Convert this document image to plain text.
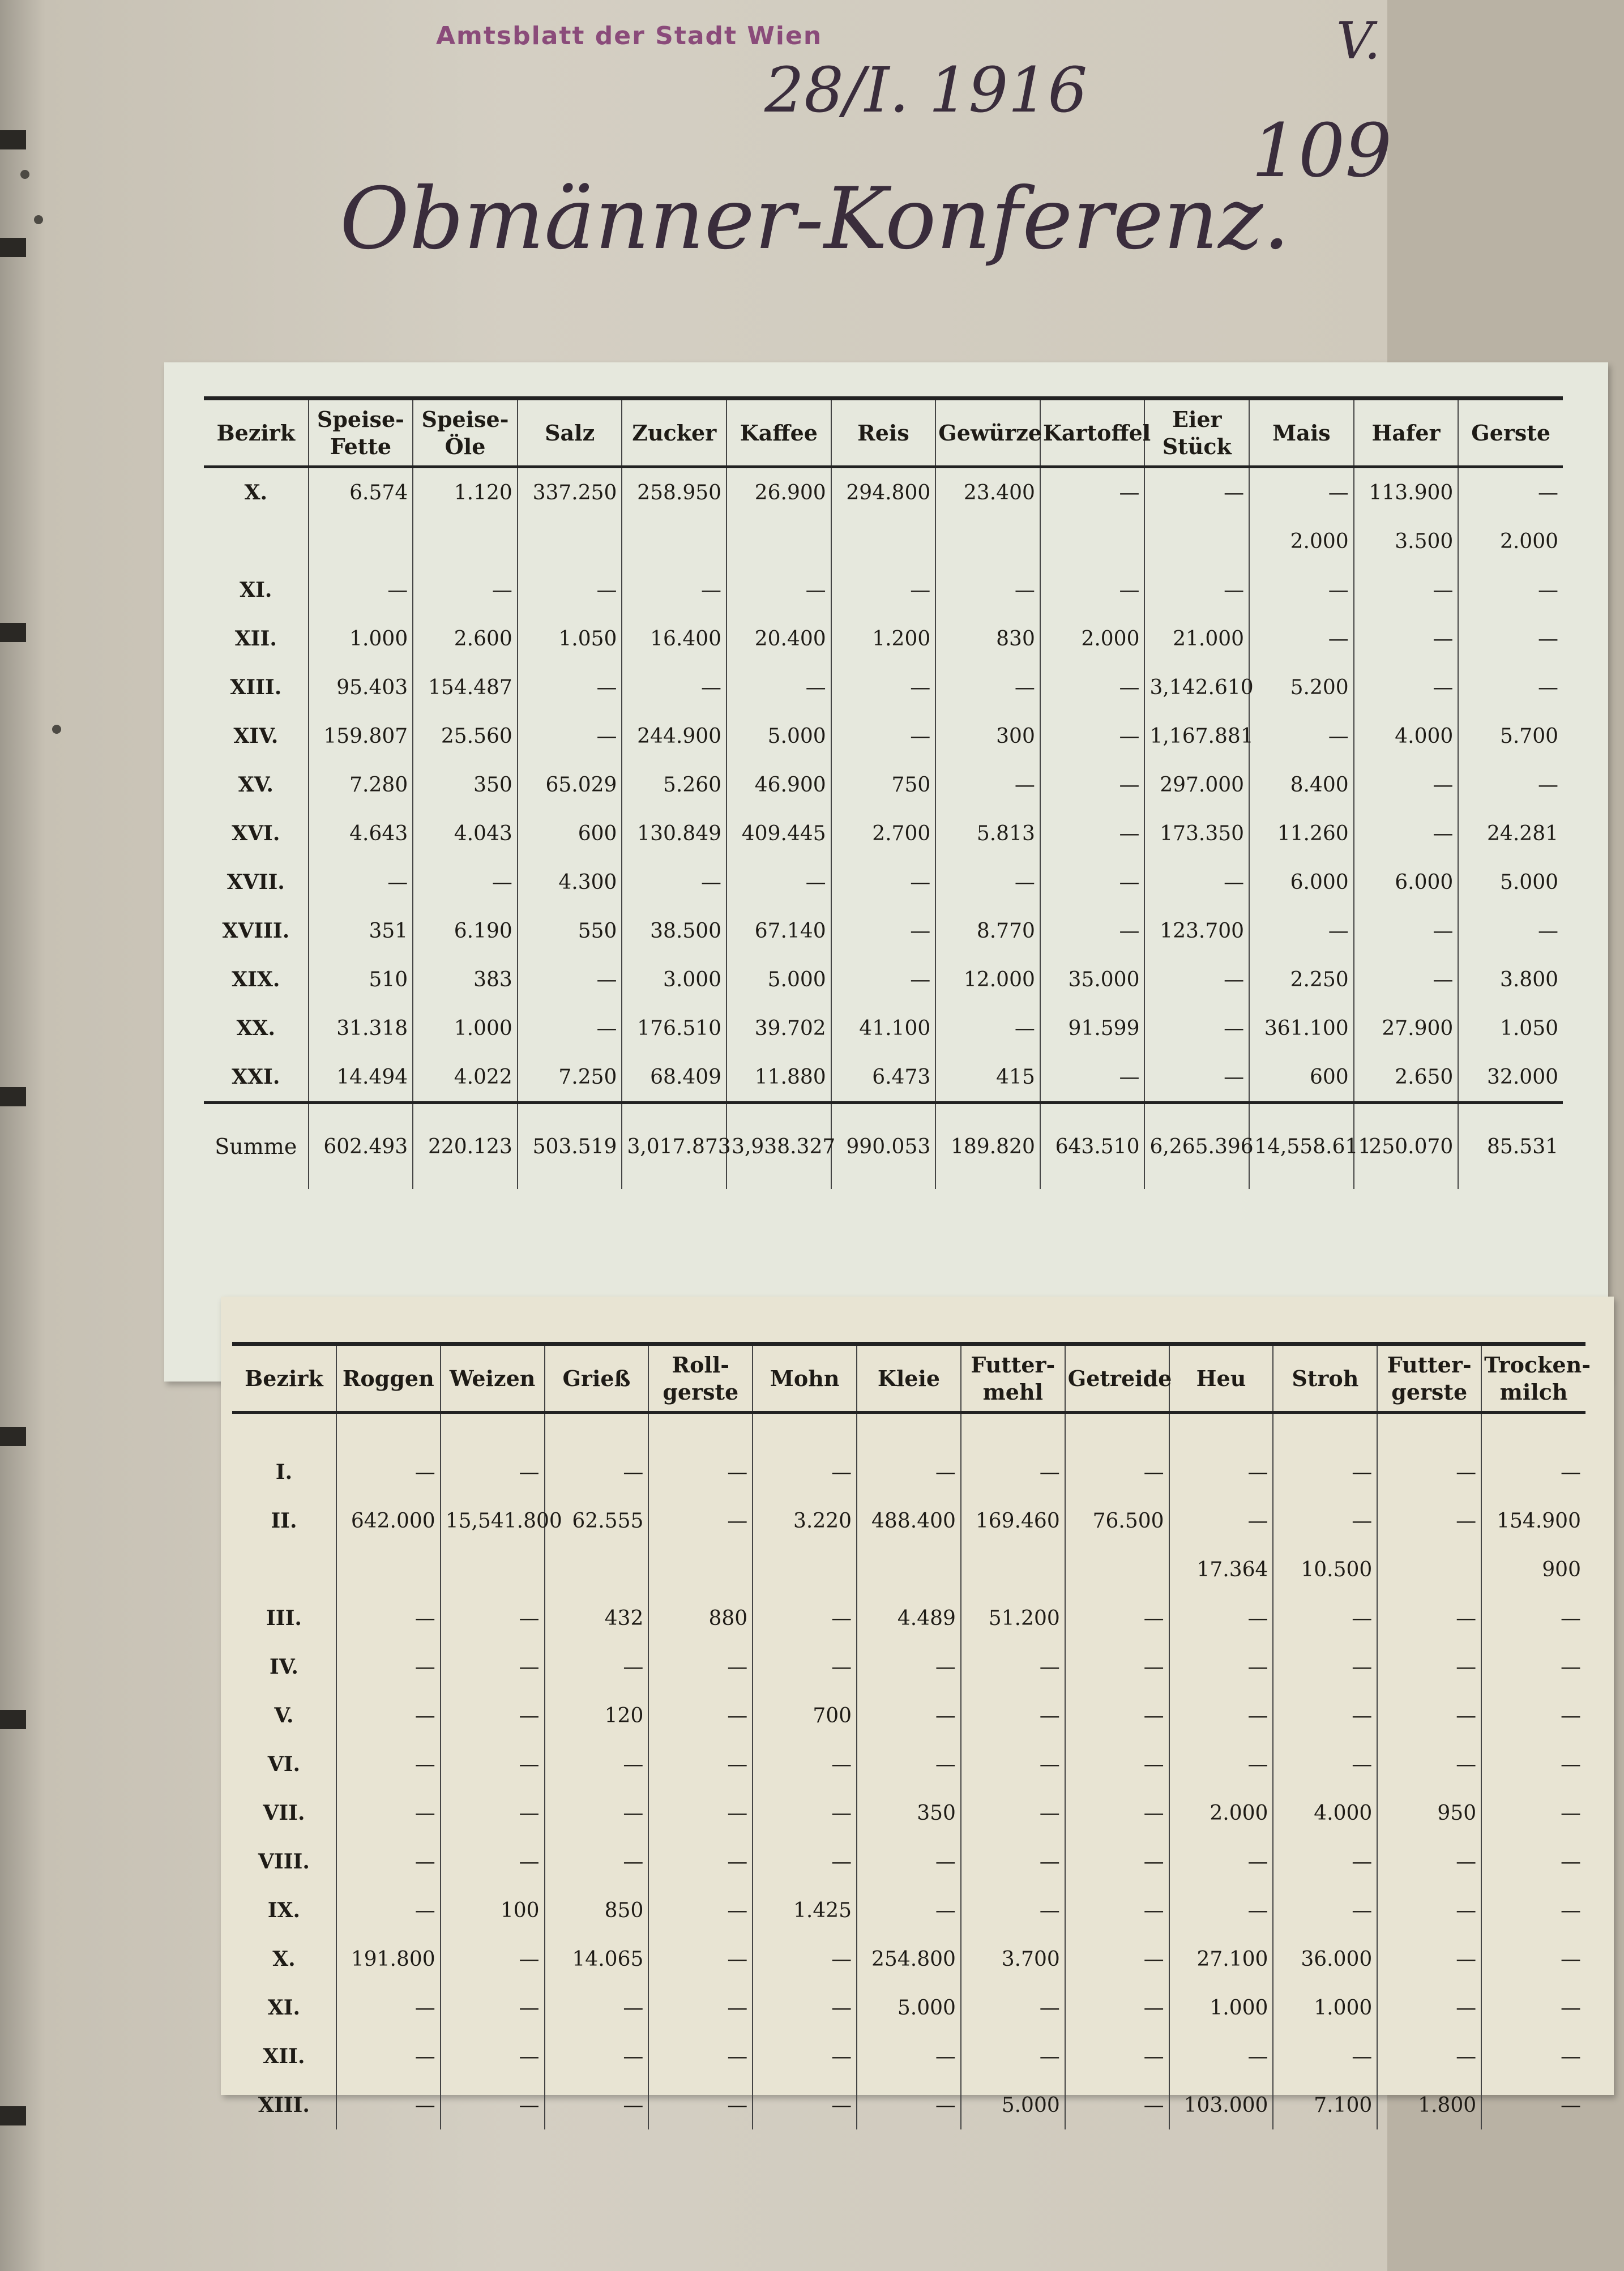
Amtsblatt der Stadt Wien
28/I. 1916
V.
109
Obmänner-Konferenz.
Bezirk	Speise-Fette	Speise-Öle	Salz	Zucker	Kaffee	Reis	Gewürze	Kartoffel	Eier Stück	Mais	Hafer	Gerste
X.	6.574	1.120	337.250	258.950	26.900	294.800	23.400	—	—	—	113.900	—
										2.000	3.500	2.000
XI.	—	—	—	—	—	—	—	—	—	—	—	—
XII.	1.000	2.600	1.050	16.400	20.400	1.200	830	2.000	21.000	—	—	—
XIII.	95.403	154.487	—	—	—	—	—	—	3,142.610	5.200	—	—
XIV.	159.807	25.560	—	244.900	5.000	—	300	—	1,167.881	—	4.000	5.700
XV.	7.280	350	65.029	5.260	46.900	750	—	—	297.000	8.400	—	—
XVI.	4.643	4.043	600	130.849	409.445	2.700	5.813	—	173.350	11.260	—	24.281
XVII.	—	—	4.300	—	—	—	—	—	—	6.000	6.000	5.000
XVIII.	351	6.190	550	38.500	67.140	—	8.770	—	123.700	—	—	—
XIX.	510	383	—	3.000	5.000	—	12.000	35.000	—	2.250	—	3.800
XX.	31.318	1.000	—	176.510	39.702	41.100	—	91.599	—	361.100	27.900	1.050
XXI.	14.494	4.022	7.250	68.409	11.880	6.473	415	—	—	600	2.650	32.000
Summe	602.493	220.123	503.519	3,017.873	3,938.327	990.053	189.820	643.510	6,265.396	14,558.611	250.070	85.531
Bezirk	Roggen	Weizen	Grieß	Roll-gerste	Mohn	Kleie	Futter-mehl	Getreide	Heu	Stroh	Futter-gerste	Trocken-milch
I.	—	—	—	—	—	—	—	—	—	—	—	—
II.	642.000	15,541.800	62.555	—	3.220	488.400	169.460	76.500	—	—	—	154.900
									17.364	10.500		900
III.	—	—	432	880	—	4.489	51.200	—	—	—	—	—
IV.	—	—	—	—	—	—	—	—	—	—	—	—
V.	—	—	120	—	700	—	—	—	—	—	—	—
VI.	—	—	—	—	—	—	—	—	—	—	—	—
VII.	—	—	—	—	—	350	—	—	2.000	4.000	950	—
VIII.	—	—	—	—	—	—	—	—	—	—	—	—
IX.	—	100	850	—	1.425	—	—	—	—	—	—	—
X.	191.800	—	14.065	—	—	254.800	3.700	—	27.100	36.000	—	—
XI.	—	—	—	—	—	5.000	—	—	1.000	1.000	—	—
XII.	—	—	—	—	—	—	—	—	—	—	—	—
XIII.	—	—	—	—	—	—	5.000	—	103.000	7.100	1.800	—
